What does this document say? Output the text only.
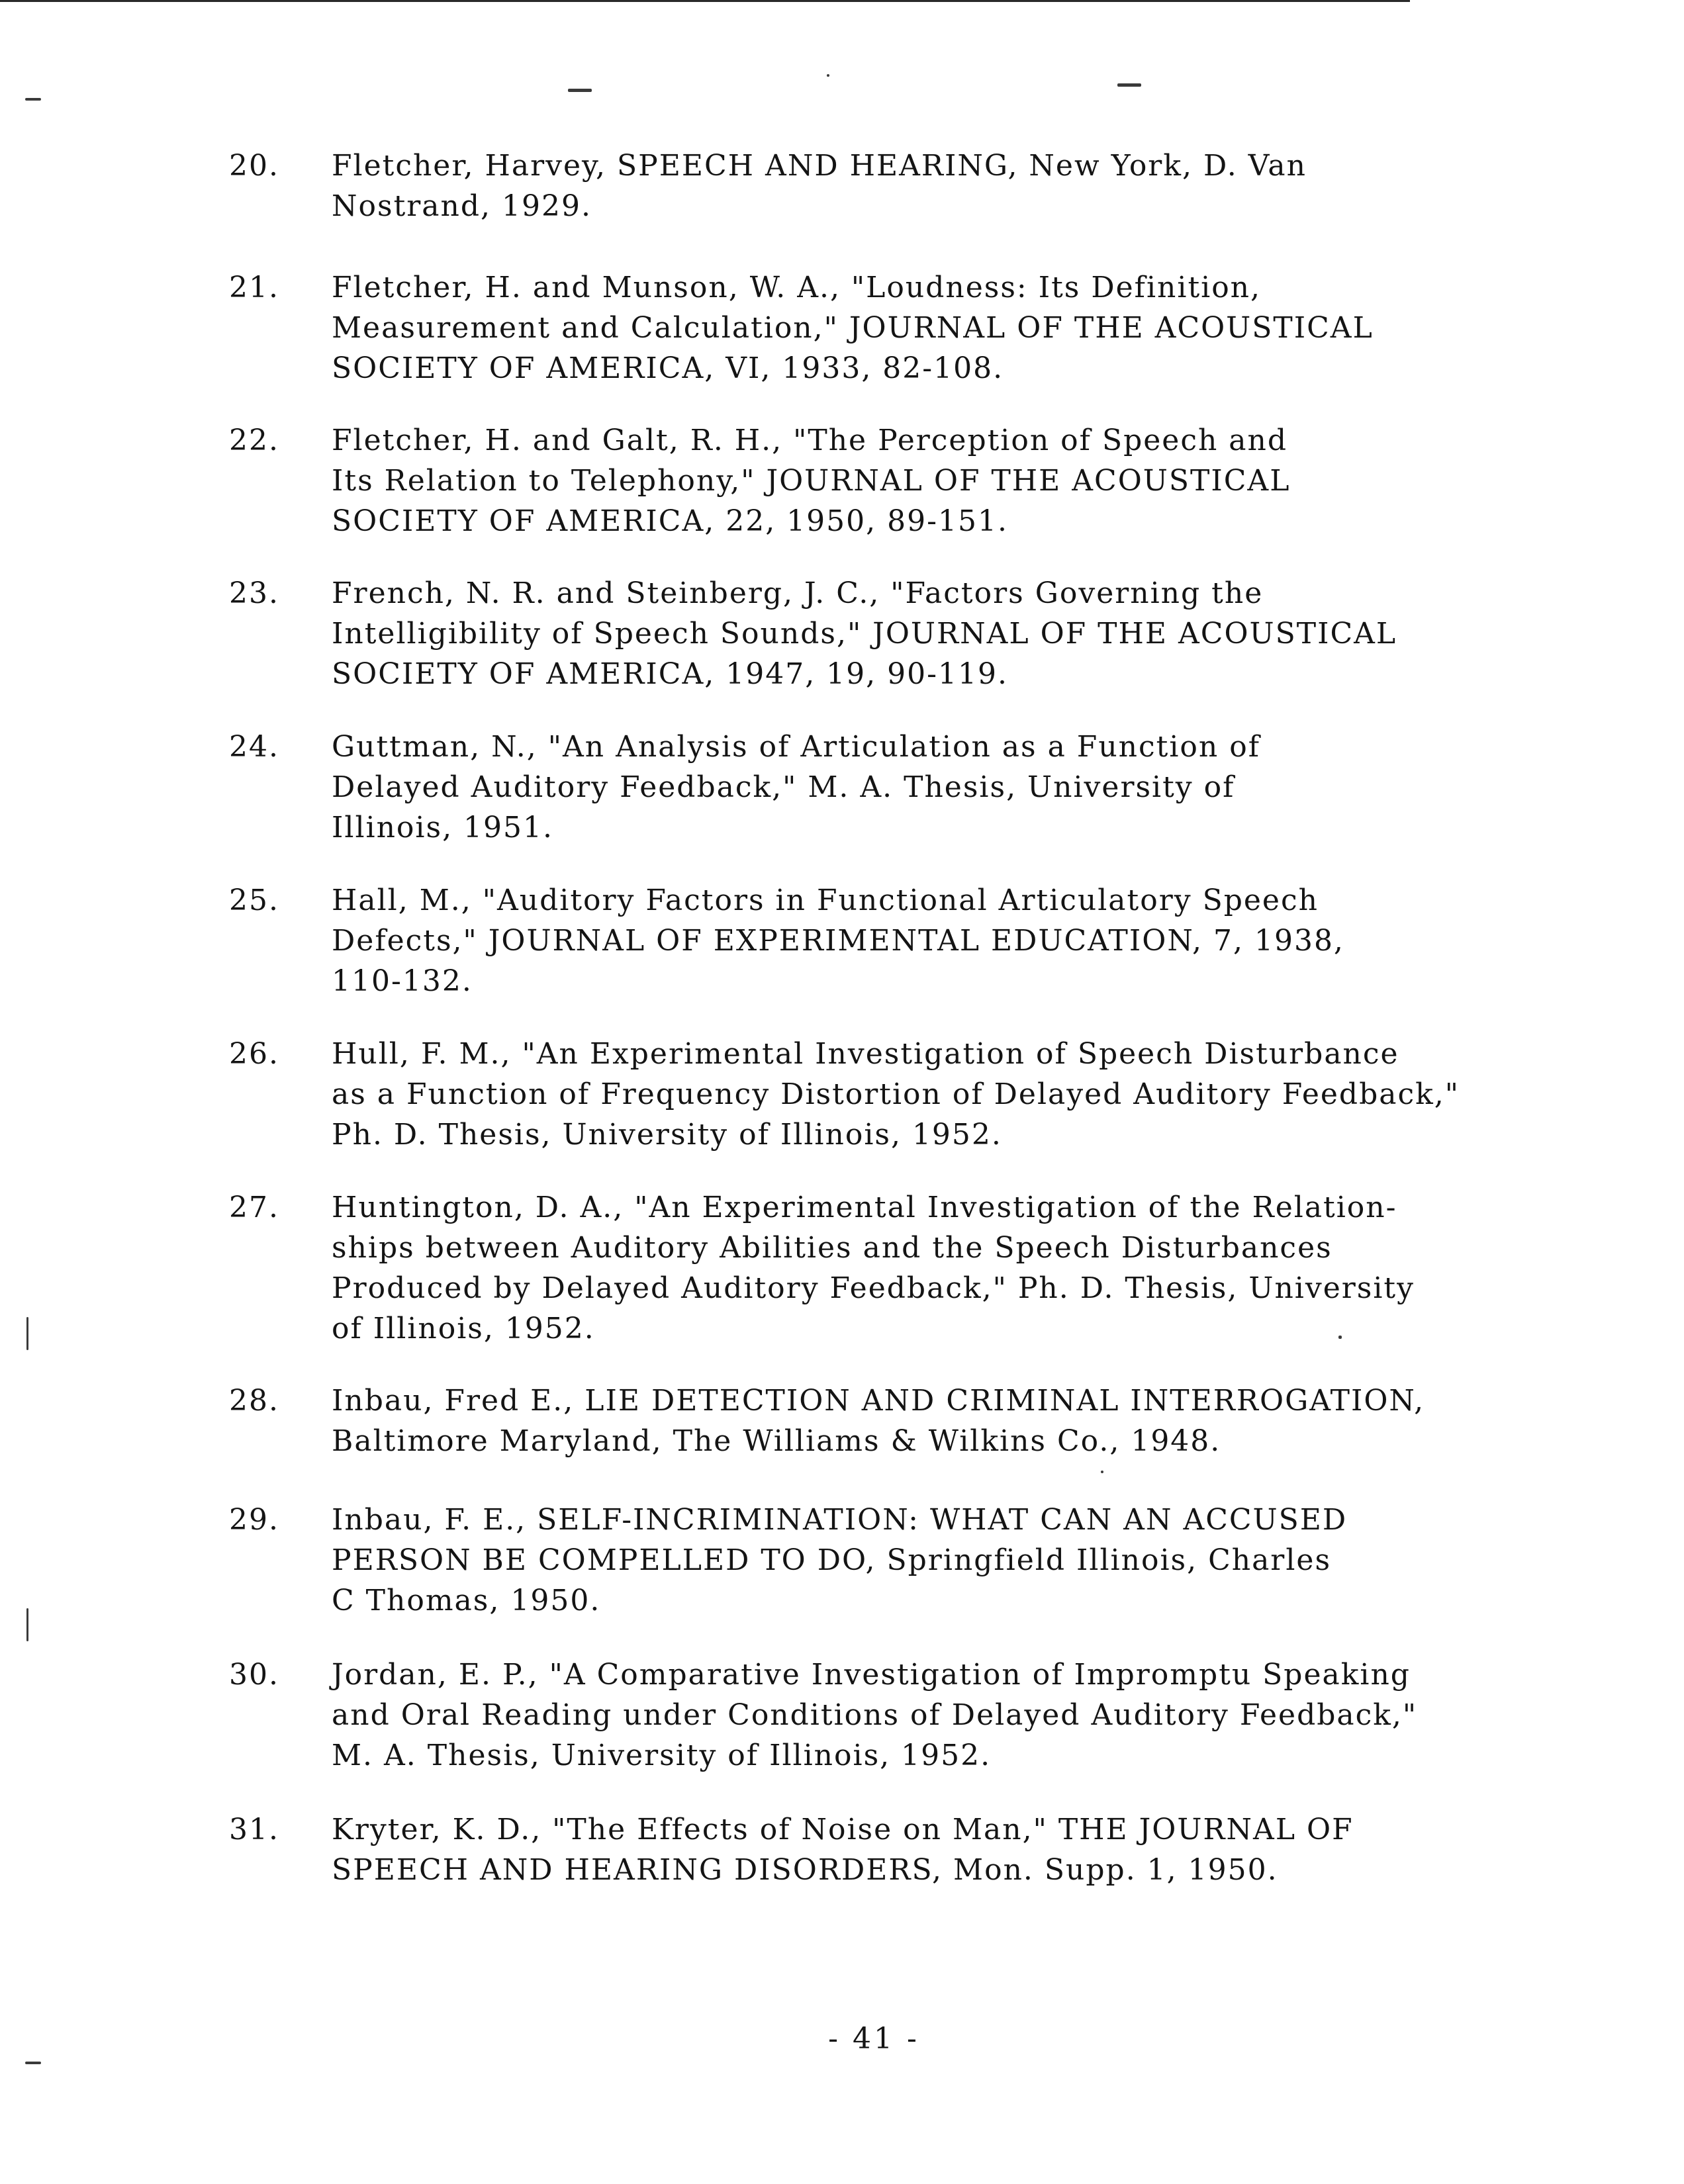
20.	Fletcher, Harvey, SPEECH AND HEARING, New York, D. Van
Nostrand, 1929.
21.	Fletcher, H. and Munson, W. A., "Loudness: Its Definition,
Measurement and Calculation," JOURNAL OF THE ACOUSTICAL
SOCIETY OF AMERICA, VI, 1933, 82-108.
22.	Fletcher, H. and Galt, R. H., "The Perception of Speech and
Its Relation to Telephony," JOURNAL OF THE ACOUSTICAL
SOCIETY OF AMERICA, 22, 1950, 89-151.
23.	French, N. R. and Steinberg, J. C., "Factors Governing the
Intelligibility of Speech Sounds," JOURNAL OF THE ACOUSTICAL
SOCIETY OF AMERICA, 1947, 19, 90-119.
24.	Guttman, N., "An Analysis of Articulation as a Function of
Delayed Auditory Feedback," M. A. Thesis, University of
Illinois, 1951.
25.	Hall, M., "Auditory Factors in Functional Articulatory Speech
Defects," JOURNAL OF EXPERIMENTAL EDUCATION, 7, 1938,
110-132.
26.	Hull, F. M., "An Experimental Investigation of Speech Disturbance
as a Function of Frequency Distortion of Delayed Auditory Feedback,"
Ph. D. Thesis, University of Illinois, 1952.
27.	Huntington, D. A., "An Experimental Investigation of the Relation-
ships between Auditory Abilities and the Speech Disturbances
Produced by Delayed Auditory Feedback," Ph. D. Thesis, University
of Illinois, 1952.
28.	Inbau, Fred E., LIE DETECTION AND CRIMINAL INTERROGATION,
Baltimore Maryland, The Williams & Wilkins Co., 1948.
29.	Inbau, F. E., SELF-INCRIMINATION: WHAT CAN AN ACCUSED
PERSON BE COMPELLED TO DO, Springfield Illinois, Charles
C Thomas, 1950.
30.	Jordan, E. P., "A Comparative Investigation of Impromptu Speaking
and Oral Reading under Conditions of Delayed Auditory Feedback,"
M. A. Thesis, University of Illinois, 1952.
31.	Kryter, K. D., "The Effects of Noise on Man," THE JOURNAL OF
SPEECH AND HEARING DISORDERS, Mon. Supp. 1, 1950.
- 41 -
